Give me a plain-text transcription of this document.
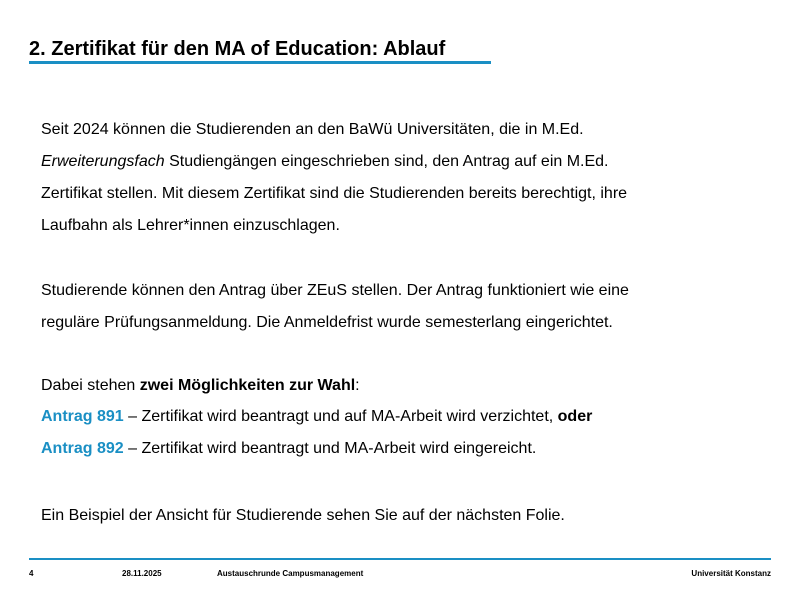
2. Zertifikat für den MA of Education: Ablauf
Seit 2024 können die Studierenden an den BaWü Universitäten, die in M.Ed.
Erweiterungsfach Studiengängen eingeschrieben sind, den Antrag auf ein M.Ed.
Zertifikat stellen. Mit diesem Zertifikat sind die Studierenden bereits berechtigt, ihre
Laufbahn als Lehrer*innen einzuschlagen.
Studierende können den Antrag über ZEuS stellen. Der Antrag funktioniert wie eine
reguläre Prüfungsanmeldung. Die Anmeldefrist wurde semesterlang eingerichtet.
Dabei stehen zwei Möglichkeiten zur Wahl:
Antrag 891 – Zertifikat wird beantragt und auf MA-Arbeit wird verzichtet, oder
Antrag 892 – Zertifikat wird beantragt und MA-Arbeit wird eingereicht.
Ein Beispiel der Ansicht für Studierende sehen Sie auf der nächsten Folie.
4	28.11.2025	Austauschrunde Campusmanagement	Universität Konstanz
